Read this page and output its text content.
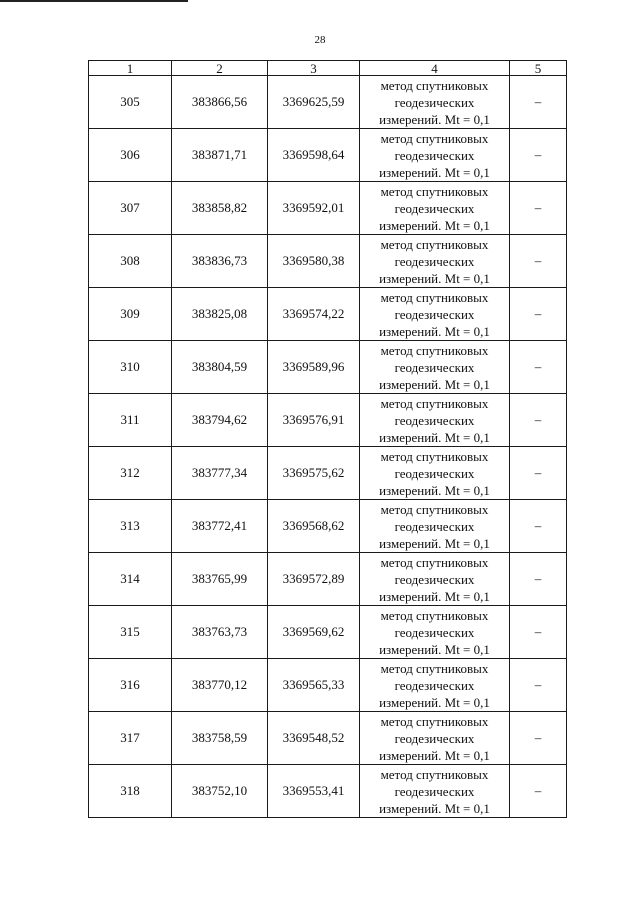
28
1	2	3	4	5
305	383866,56	3369625,59	метод спутниковых
геодезических
измерений. Mt = 0,1	–
306	383871,71	3369598,64	метод спутниковых
геодезических
измерений. Mt = 0,1	–
307	383858,82	3369592,01	метод спутниковых
геодезических
измерений. Mt = 0,1	–
308	383836,73	3369580,38	метод спутниковых
геодезических
измерений. Mt = 0,1	–
309	383825,08	3369574,22	метод спутниковых
геодезических
измерений. Mt = 0,1	–
310	383804,59	3369589,96	метод спутниковых
геодезических
измерений. Mt = 0,1	–
311	383794,62	3369576,91	метод спутниковых
геодезических
измерений. Mt = 0,1	–
312	383777,34	3369575,62	метод спутниковых
геодезических
измерений. Mt = 0,1	–
313	383772,41	3369568,62	метод спутниковых
геодезических
измерений. Mt = 0,1	–
314	383765,99	3369572,89	метод спутниковых
геодезических
измерений. Mt = 0,1	–
315	383763,73	3369569,62	метод спутниковых
геодезических
измерений. Mt = 0,1	–
316	383770,12	3369565,33	метод спутниковых
геодезических
измерений. Mt = 0,1	–
317	383758,59	3369548,52	метод спутниковых
геодезических
измерений. Mt = 0,1	–
318	383752,10	3369553,41	метод спутниковых
геодезических
измерений. Mt = 0,1	–
